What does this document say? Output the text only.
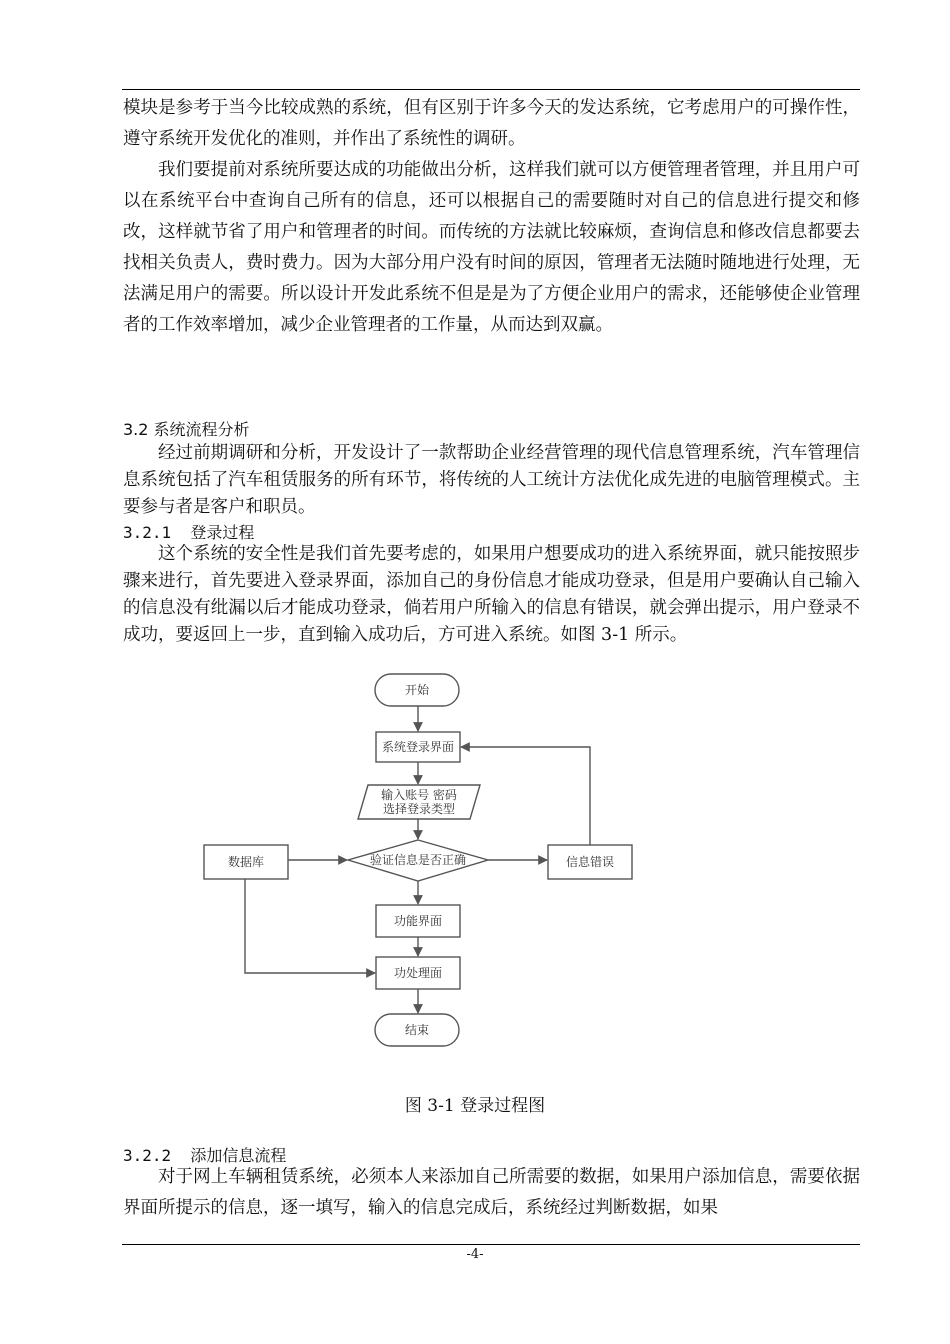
模块是参考于当今比较成熟的系统，但有区别于许多今天的发达系统，它考虑用户的可操作性，遵守系统开发优化的准则，并作出了系统性的调研。

我们要提前对系统所要达成的功能做出分析，这样我们就可以方便管理者管理，并且用户可以在系统平台中查询自己所有的信息，还可以根据自己的需要随时对自己的信息进行提交和修改，这样就节省了用户和管理者的时间。而传统的方法就比较麻烦，查询信息和修改信息都要去找相关负责人，费时费力。因为大部分用户没有时间的原因，管理者无法随时随地进行处理，无法满足用户的需要。所以设计开发此系统不但是是为了方便企业用户的需求，还能够使企业管理者的工作效率增加，减少企业管理者的工作量，从而达到双赢。

3.2 系统流程分析

经过前期调研和分析，开发设计了一款帮助企业经营管理的现代信息管理系统，汽车管理信息系统包括了汽车租赁服务的所有环节，将传统的人工统计方法优化成先进的电脑管理模式。主要参与者是客户和职员。

3.2.1  登录过程

这个系统的安全性是我们首先要考虑的，如果用户想要成功的进入系统界面，就只能按照步骤来进行，首先要进入登录界面，添加自己的身份信息才能成功登录，但是用户要确认自己输入的信息没有纰漏以后才能成功登录，倘若用户所输入的信息有错误，就会弹出提示，用户登录不成功，要返回上一步，直到输入成功后，方可进入系统。如图 3-1 所示。

开始
系统登录界面
输入账号 密码
选择登录类型
验证信息是否正确
数据库	信息错误
功能界面
功处理面
结束
图 3-1 登录过程图

3.2.2  添加信息流程

对于网上车辆租赁系统，必须本人来添加自己所需要的数据，如果用户添加信息，需要依据界面所提示的信息，逐一填写，输入的信息完成后，系统经过判断数据，如果

-4-
